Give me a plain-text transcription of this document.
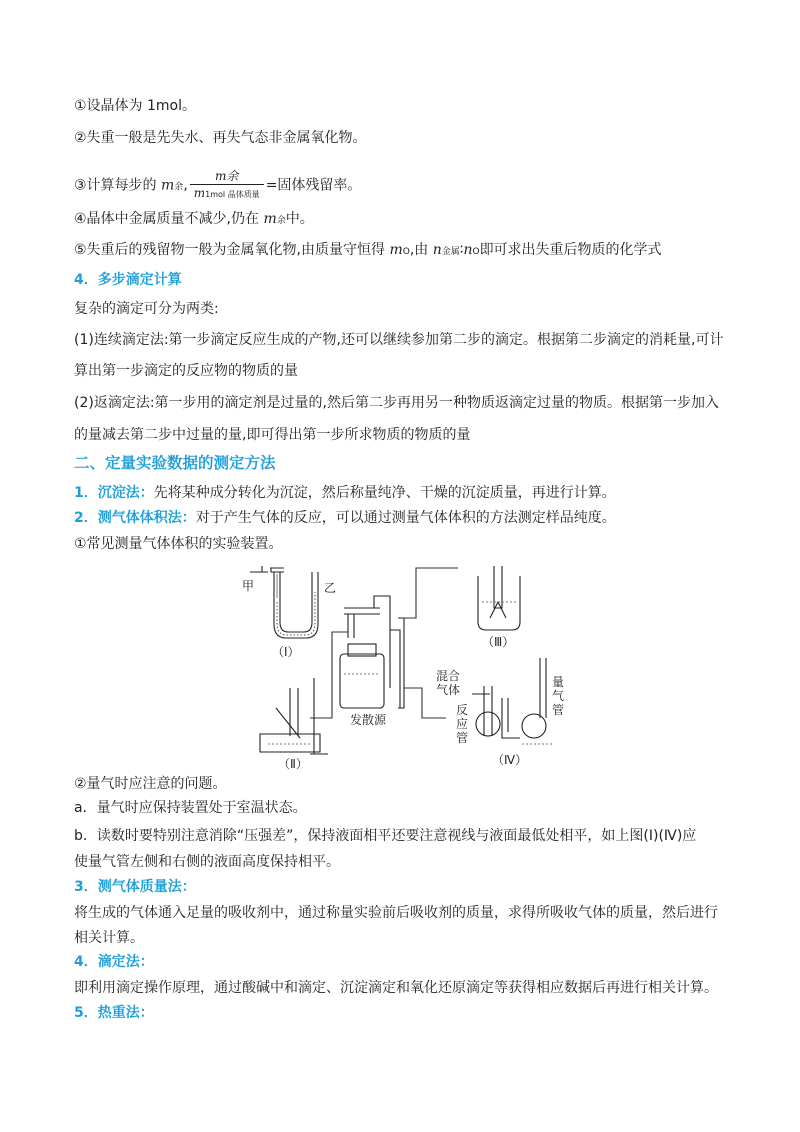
①设晶体为 1mol。
②失重一般是先失水、再失气态非金属氧化物。
③计算每步的 m余, $\frac{\text{m余}}{\text{m1mol 晶体质量}}$ =固体残留率。
④晶体中金属质量不减少,仍在 m余中。
⑤失重后的残留物一般为金属氧化物,由质量守恒得 mO,由 n金属∶nO即可求出失重后物质的化学式
4．多步滴定计算
复杂的滴定可分为两类:
(1)连续滴定法:第一步滴定反应生成的产物,还可以继续参加第二步的滴定。根据第二步滴定的消耗量,可计
算出第一步滴定的反应物的物质的量
(2)返滴定法:第一步用的滴定剂是过量的,然后第二步再用另一种物质返滴定过量的物质。根据第一步加入
的量减去第二步中过量的量,即可得出第一步所求物质的物质的量
二、定量实验数据的测定方法
1．沉淀法：先将某种成分转化为沉淀，然后称量纯净、干燥的沉淀质量，再进行计算。
2．测气体体积法：对于产生气体的反应，可以通过测量气体体积的方法测定样品纯度。
①常见测量气体体积的实验装置。
甲	乙
（Ⅰ）
（Ⅱ）
（Ⅲ）
（Ⅳ）
发散源
混合
气体
反
应
管
量
气
管
②量气时应注意的问题。
a．量气时应保持装置处于室温状态。
b．读数时要特别注意消除“压强差”，保持液面相平还要注意视线与液面最低处相平，如上图(Ⅰ)(Ⅳ)应
使量气管左侧和右侧的液面高度保持相平。
3．测气体质量法：
将生成的气体通入足量的吸收剂中，通过称量实验前后吸收剂的质量，求得所吸收气体的质量，然后进行
相关计算。
4．滴定法：
即利用滴定操作原理，通过酸碱中和滴定、沉淀滴定和氧化还原滴定等获得相应数据后再进行相关计算。
5．热重法：
